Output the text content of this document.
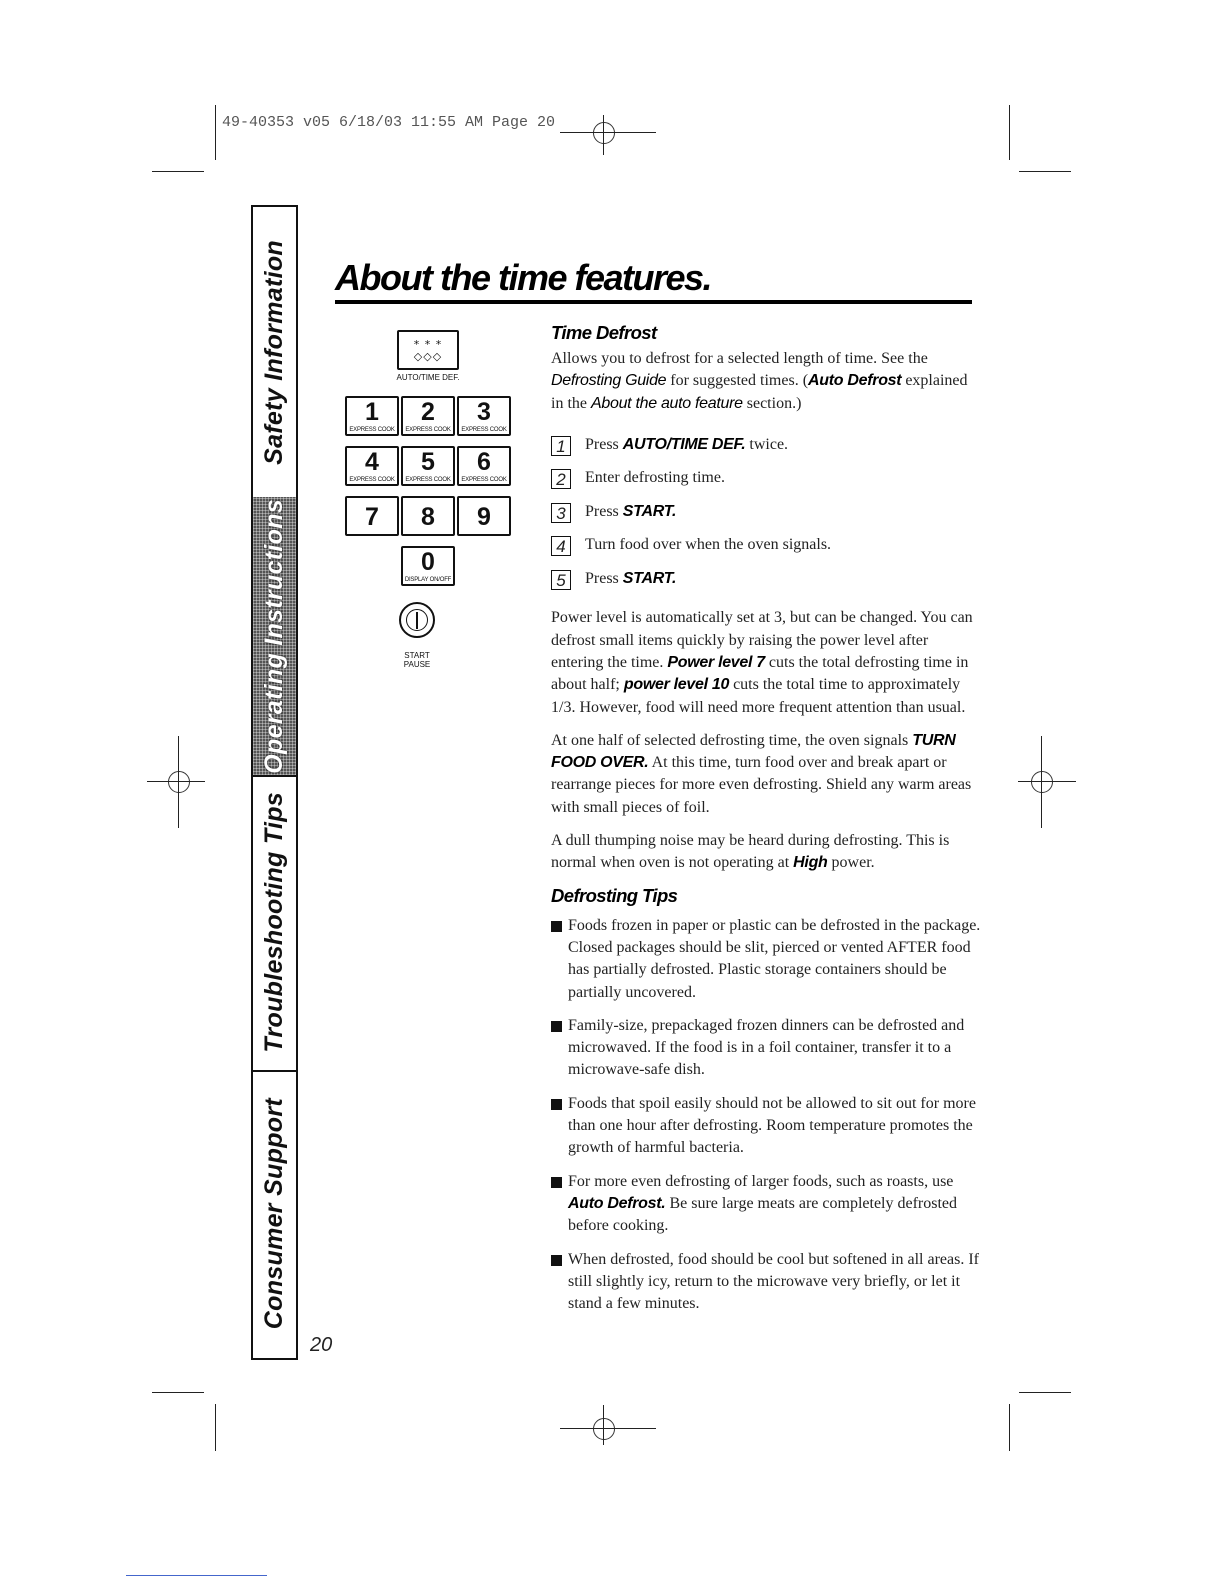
49-40353 v05 6/18/03 11:55 AM Page 20
Safety Information
Operating Instructions
Troubleshooting Tips
Consumer Support
20
About the time features.
* * *
◇◇◇
AUTO/TIME DEF.
1
EXPRESS COOK
2
EXPRESS COOK
3
EXPRESS COOK
4
EXPRESS COOK
5
EXPRESS COOK
6
EXPRESS COOK
7	8	9
0
DISPLAY ON/OFF
START
PAUSE

Time Defrost

Allows you to defrost for a selected length of time. See the Defrosting Guide for suggested times. (Auto Defrost explained in the About the auto feature section.)

1	Press AUTO/TIME DEF. twice.
2	Enter defrosting time.
3	Press START.
4	Turn food over when the oven signals.
5	Press START.

Power level is automatically set at 3, but can be changed. You can defrost small items quickly by raising the power level after entering the time. Power level 7 cuts the total defrosting time in about half; power level 10 cuts the total time to approximately 1/3. However, food will need more frequent attention than usual.

At one half of selected defrosting time, the oven signals TURN FOOD OVER. At this time, turn food over and break apart or rearrange pieces for more even defrosting. Shield any warm areas with small pieces of foil.

A dull thumping noise may be heard during defrosting. This is normal when oven is not operating at High power.

Defrosting Tips

Foods frozen in paper or plastic can be defrosted in the package. Closed packages should be slit, pierced or vented AFTER food has partially defrosted. Plastic storage containers should be partially uncovered.
Family-size, prepackaged frozen dinners can be defrosted and microwaved. If the food is in a foil container, transfer it to a microwave-safe dish.
Foods that spoil easily should not be allowed to sit out for more than one hour after defrosting. Room temperature promotes the growth of harmful bacteria.
For more even defrosting of larger foods, such as roasts, use Auto Defrost. Be sure large meats are completely defrosted before cooking.
When defrosted, food should be cool but softened in all areas. If still slightly icy, return to the microwave very briefly, or let it stand a few minutes.
